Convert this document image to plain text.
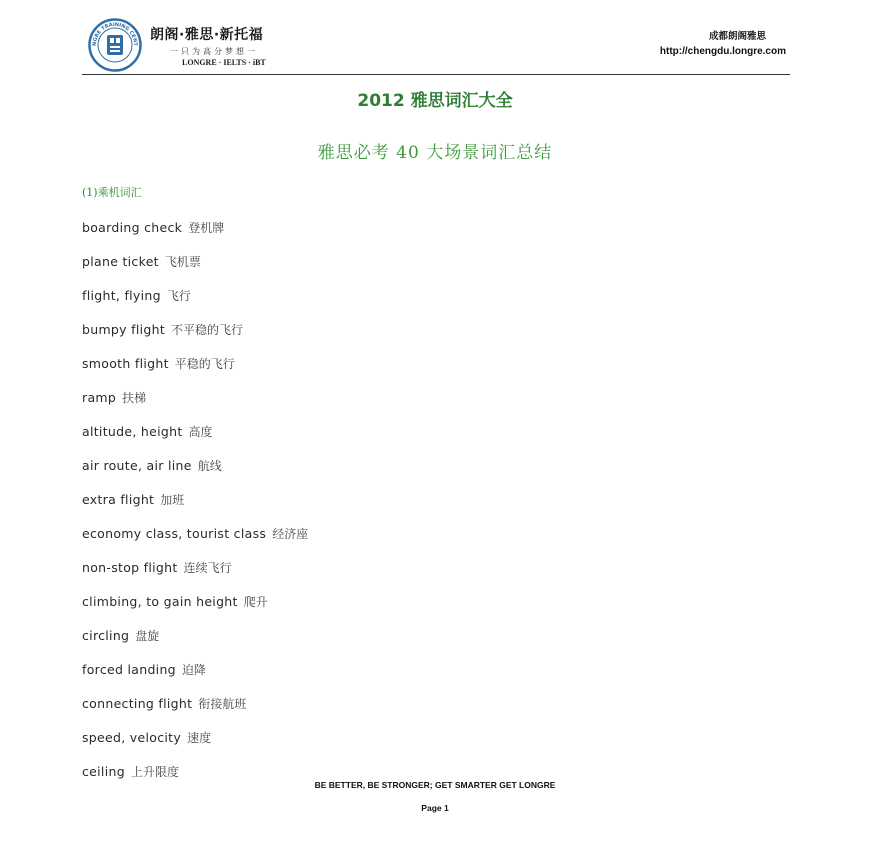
NGRE TRAINING CENT
朗阁·雅思·新托福
一只为高分梦想一
LONGRE · IELTS · iBT
成都朗阁雅思
http://chengdu.longre.com
2012 雅思词汇大全
雅思必考 40 大场景词汇总结
(1)乘机词汇
boarding check 登机牌
plane ticket 飞机票
flight, flying 飞行
bumpy flight 不平稳的飞行
smooth flight 平稳的飞行
ramp 扶梯
altitude, height 高度
air route, air line 航线
extra flight 加班
economy class, tourist class 经济座
non-stop flight 连续飞行
climbing, to gain height 爬升
circling 盘旋
forced landing 迫降
connecting flight 衔接航班
speed, velocity 速度
ceiling 上升限度
BE BETTER, BE STRONGER; GET SMARTER GET LONGRE
Page 1
